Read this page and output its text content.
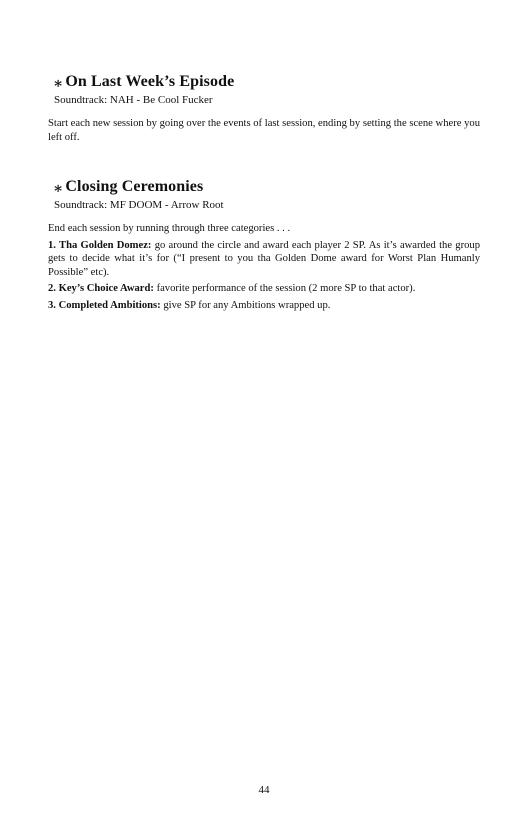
∗ On Last Week’s Episode
Soundtrack: NAH - Be Cool Fucker

Start each new session by going over the events of last session, ending by setting the scene where you left off.

∗ Closing Ceremonies
Soundtrack: MF DOOM - Arrow Root

End each session by running through three categories . . .

1. Tha Golden Domez: go around the circle and award each player 2 SP. As it’s awarded the group gets to decide what it’s for (“I present to you tha Golden Dome award for Worst Plan Humanly Possible” etc).

2. Key’s Choice Award: favorite performance of the session (2 more SP to that actor).

3. Completed Ambitions: give SP for any Ambitions wrapped up.

44
